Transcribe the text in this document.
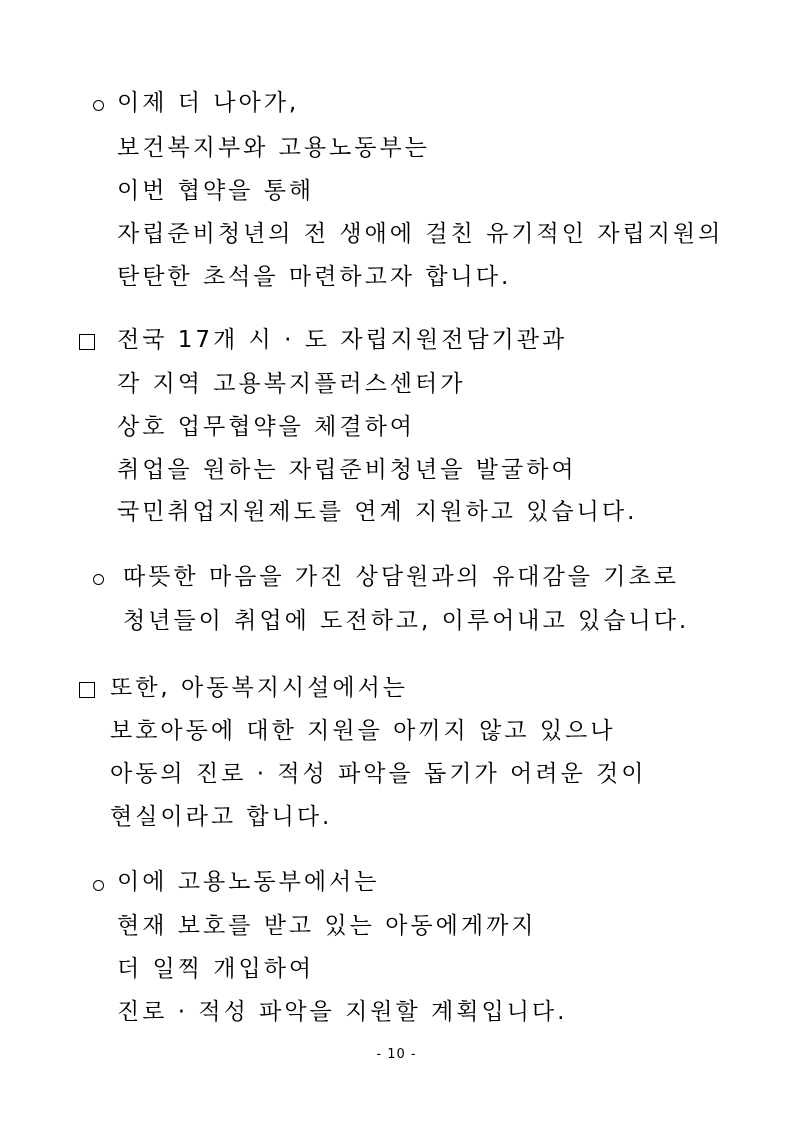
이제 더 나아가,
보건복지부와 고용노동부는
이번 협약을 통해
자립준비청년의 전 생애에 걸친 유기적인 자립지원의
탄탄한 초석을 마련하고자 합니다.
전국 17개 시 · 도 자립지원전담기관과
각 지역 고용복지플러스센터가
상호 업무협약을 체결하여
취업을 원하는 자립준비청년을 발굴하여
국민취업지원제도를 연계 지원하고 있습니다.
따뜻한 마음을 가진 상담원과의 유대감을 기초로
청년들이 취업에 도전하고, 이루어내고 있습니다.
또한, 아동복지시설에서는
보호아동에 대한 지원을 아끼지 않고 있으나
아동의 진로 · 적성 파악을 돕기가 어려운 것이
현실이라고 합니다.
이에 고용노동부에서는
현재 보호를 받고 있는 아동에게까지
더 일찍 개입하여
진로 · 적성 파악을 지원할 계획입니다.
- 10 -
